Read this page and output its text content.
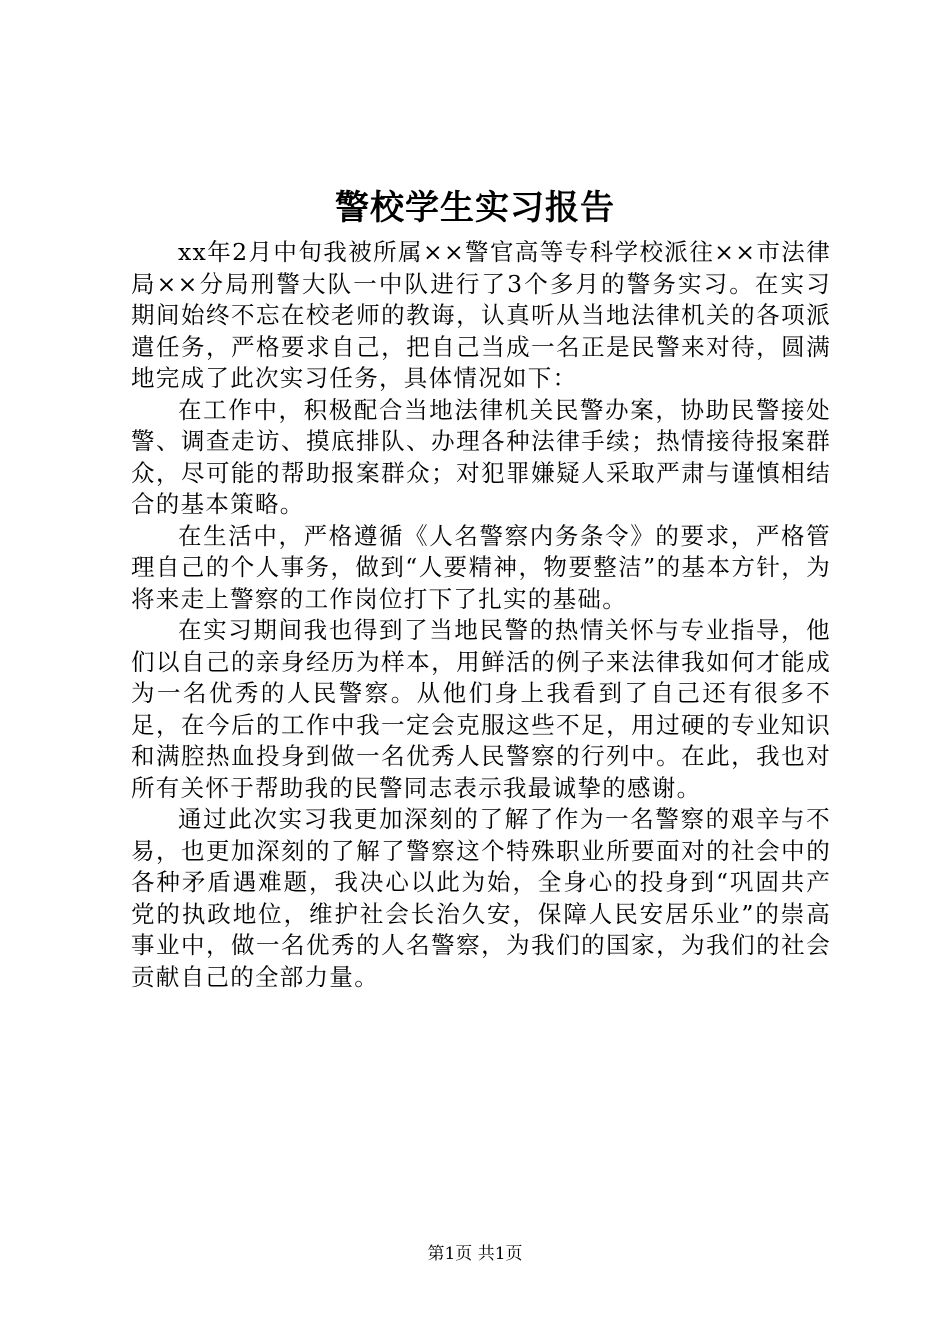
警校学生实习报告

xx年2月中旬我被所属××警官高等专科学校派往××市法律局××分局刑警大队一中队进行了3个多月的警务实习。在实习期间始终不忘在校老师的教诲，认真听从当地法律机关的各项派遣任务，严格要求自己，把自己当成一名正是民警来对待，圆满地完成了此次实习任务，具体情况如下：

在工作中，积极配合当地法律机关民警办案，协助民警接处警、调查走访、摸底排队、办理各种法律手续；热情接待报案群众，尽可能的帮助报案群众；对犯罪嫌疑人采取严肃与谨慎相结合的基本策略。

在生活中，严格遵循《人名警察内务条令》的要求，严格管理自己的个人事务，做到“人要精神，物要整洁”的基本方针，为将来走上警察的工作岗位打下了扎实的基础。

在实习期间我也得到了当地民警的热情关怀与专业指导，他们以自己的亲身经历为样本，用鲜活的例子来法律我如何才能成为一名优秀的人民警察。从他们身上我看到了自己还有很多不足，在今后的工作中我一定会克服这些不足，用过硬的专业知识和满腔热血投身到做一名优秀人民警察的行列中。在此，我也对所有关怀于帮助我的民警同志表示我最诚挚的感谢。

通过此次实习我更加深刻的了解了作为一名警察的艰辛与不易，也更加深刻的了解了警察这个特殊职业所要面对的社会中的各种矛盾遇难题，我决心以此为始，全身心的投身到“巩固共产党的执政地位，维护社会长治久安，保障人民安居乐业”的崇高事业中，做一名优秀的人名警察，为我们的国家，为我们的社会贡献自己的全部力量。

第1页 共1页
